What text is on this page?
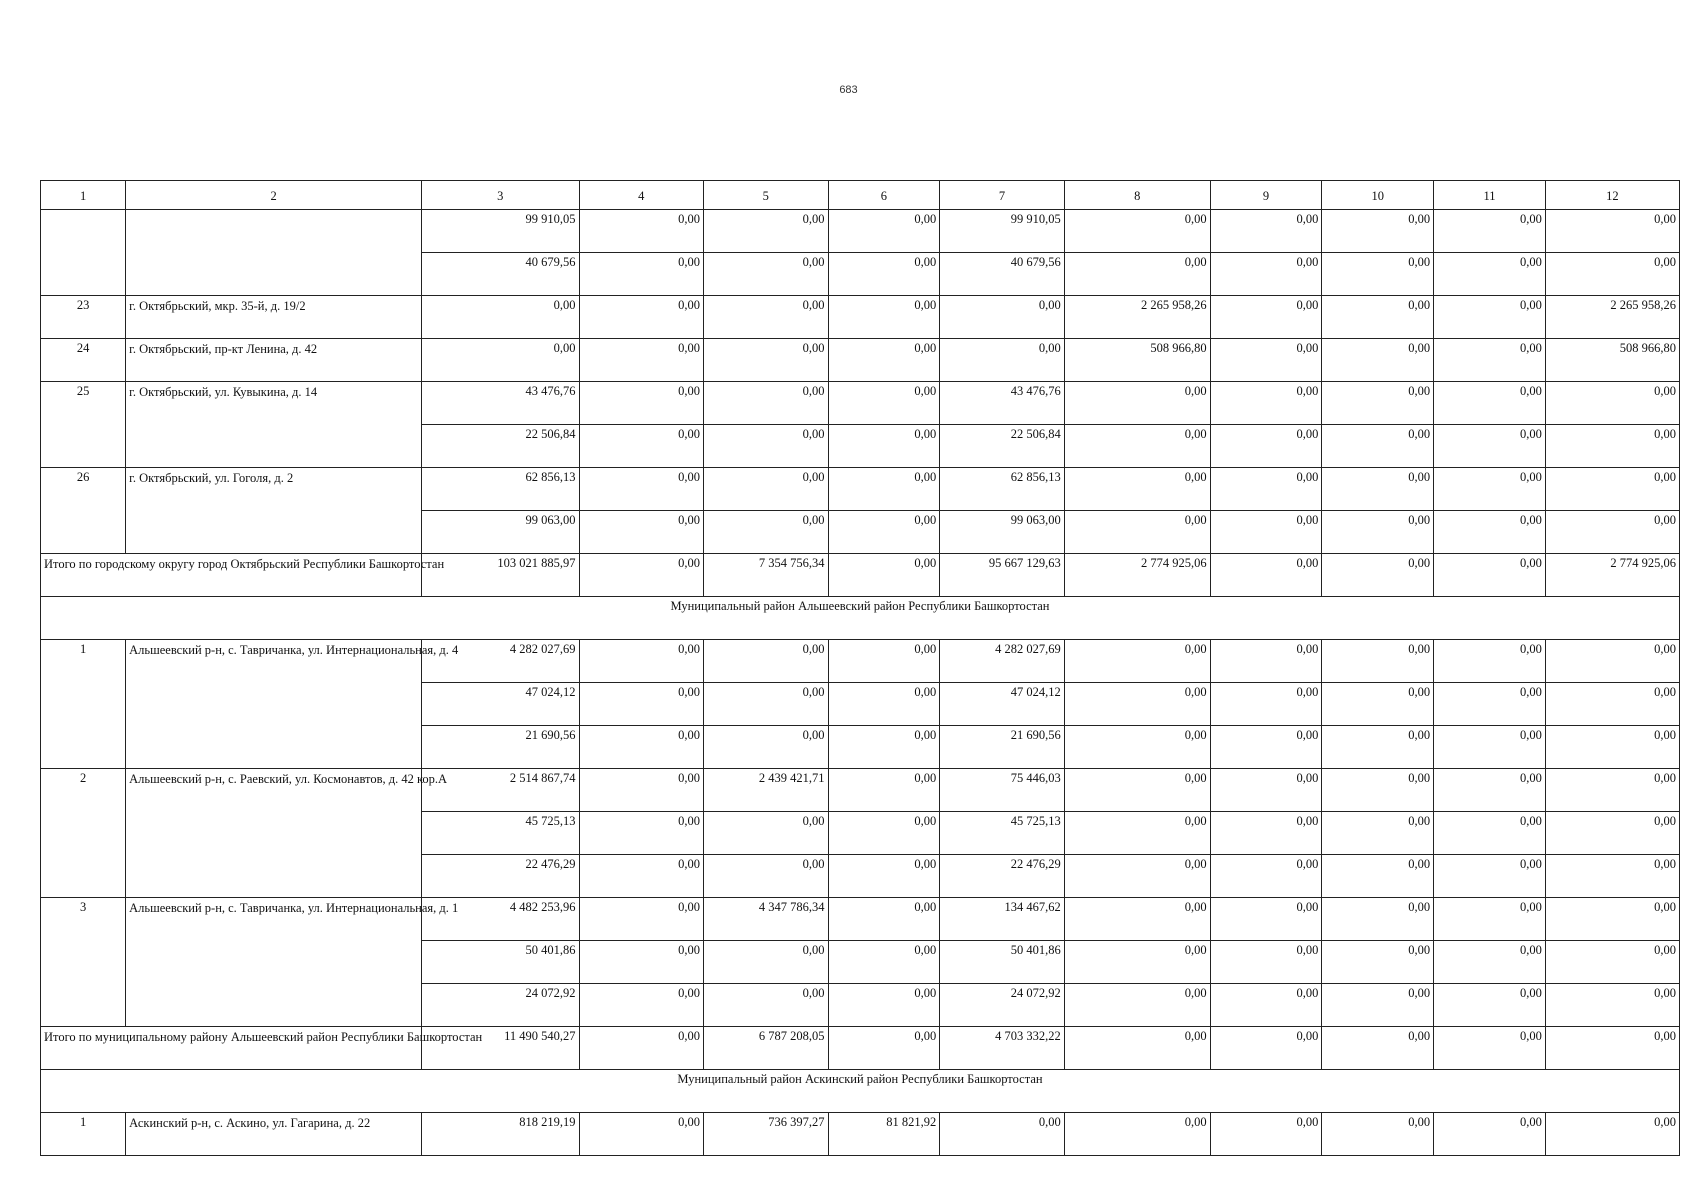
683
1	2	3	4	5	6	7	8	9	10	11	12
		99 910,05	0,00	0,00	0,00	99 910,05	0,00	0,00	0,00	0,00	0,00
		40 679,56	0,00	0,00	0,00	40 679,56	0,00	0,00	0,00	0,00	0,00
23	г. Октябрьский, мкр. 35-й, д. 19/2	0,00	0,00	0,00	0,00	0,00	2 265 958,26	0,00	0,00	0,00	2 265 958,26
24	г. Октябрьский, пр-кт Ленина, д. 42	0,00	0,00	0,00	0,00	0,00	508 966,80	0,00	0,00	0,00	508 966,80
25	г. Октябрьский, ул. Кувыкина, д. 14	43 476,76	0,00	0,00	0,00	43 476,76	0,00	0,00	0,00	0,00	0,00
		22 506,84	0,00	0,00	0,00	22 506,84	0,00	0,00	0,00	0,00	0,00
26	г. Октябрьский, ул. Гоголя, д. 2	62 856,13	0,00	0,00	0,00	62 856,13	0,00	0,00	0,00	0,00	0,00
		99 063,00	0,00	0,00	0,00	99 063,00	0,00	0,00	0,00	0,00	0,00
Итого по городскому округу город Октябрьский Республики Башкортостан		103 021 885,97	0,00	7 354 756,34	0,00	95 667 129,63	2 774 925,06	0,00	0,00	0,00	2 774 925,06
Муниципальный район Альшеевский район Республики Башкортостан											
1	Альшеевский р-н, с. Тавричанка, ул. Интернациональная, д. 4	4 282 027,69	0,00	0,00	0,00	4 282 027,69	0,00	0,00	0,00	0,00	0,00
		47 024,12	0,00	0,00	0,00	47 024,12	0,00	0,00	0,00	0,00	0,00
		21 690,56	0,00	0,00	0,00	21 690,56	0,00	0,00	0,00	0,00	0,00
2	Альшеевский р-н, с. Раевский, ул. Космонавтов, д. 42 кор.А	2 514 867,74	0,00	2 439 421,71	0,00	75 446,03	0,00	0,00	0,00	0,00	0,00
		45 725,13	0,00	0,00	0,00	45 725,13	0,00	0,00	0,00	0,00	0,00
		22 476,29	0,00	0,00	0,00	22 476,29	0,00	0,00	0,00	0,00	0,00
3	Альшеевский р-н, с. Тавричанка, ул. Интернациональная, д. 1	4 482 253,96	0,00	4 347 786,34	0,00	134 467,62	0,00	0,00	0,00	0,00	0,00
		50 401,86	0,00	0,00	0,00	50 401,86	0,00	0,00	0,00	0,00	0,00
		24 072,92	0,00	0,00	0,00	24 072,92	0,00	0,00	0,00	0,00	0,00
Итого по муниципальному району Альшеевский район Республики Башкортостан		11 490 540,27	0,00	6 787 208,05	0,00	4 703 332,22	0,00	0,00	0,00	0,00	0,00
Муниципальный район Аскинский район Республики Башкортостан											
1	Аскинский р-н, с. Аскино, ул. Гагарина, д. 22	818 219,19	0,00	736 397,27	81 821,92	0,00	0,00	0,00	0,00	0,00	0,00
